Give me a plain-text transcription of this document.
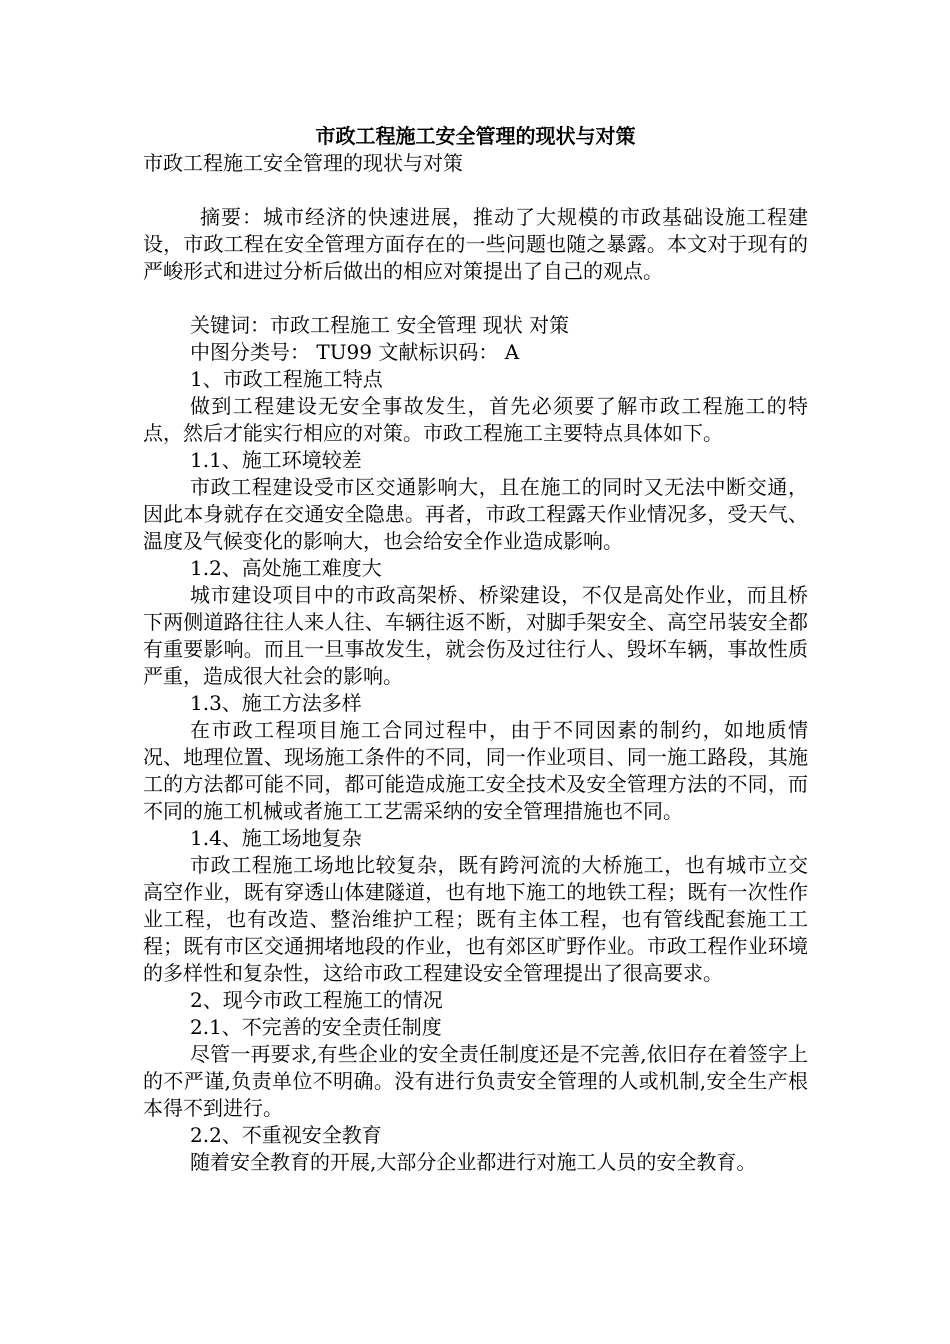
市政工程施工安全管理的现状与对策

市政工程施工安全管理的现状与对策

摘要：城市经济的快速进展，推动了大规模的市政基础设施工程建设，市政工程在安全管理方面存在的一些问题也随之暴露。本文对于现有的严峻形式和进过分析后做出的相应对策提出了自己的观点。

关键词：市政工程施工 安全管理 现状 对策

中图分类号： TU99 文献标识码： A

1、市政工程施工特点

做到工程建设无安全事故发生，首先必须要了解市政工程施工的特点，然后才能实行相应的对策。市政工程施工主要特点具体如下。

1.1、施工环境较差

市政工程建设受市区交通影响大，且在施工的同时又无法中断交通，因此本身就存在交通安全隐患。再者，市政工程露天作业情况多，受天气、温度及气候变化的影响大，也会给安全作业造成影响。

1.2、高处施工难度大

城市建设项目中的市政高架桥、桥梁建设，不仅是高处作业，而且桥下两侧道路往往人来人往、车辆往返不断，对脚手架安全、高空吊装安全都有重要影响。而且一旦事故发生，就会伤及过往行人、毁坏车辆，事故性质严重，造成很大社会的影响。

1.3、施工方法多样

在市政工程项目施工合同过程中，由于不同因素的制约，如地质情况、地理位置、现场施工条件的不同，同一作业项目、同一施工路段，其施工的方法都可能不同，都可能造成施工安全技术及安全管理方法的不同，而不同的施工机械或者施工工艺需采纳的安全管理措施也不同。

1.4、施工场地复杂

市政工程施工场地比较复杂，既有跨河流的大桥施工，也有城市立交高空作业，既有穿透山体建隧道，也有地下施工的地铁工程；既有一次性作业工程，也有改造、整治维护工程；既有主体工程，也有管线配套施工工程；既有市区交通拥堵地段的作业，也有郊区旷野作业。市政工程作业环境的多样性和复杂性，这给市政工程建设安全管理提出了很高要求。

2、现今市政工程施工的情况

2.1、不完善的安全责任制度

尽管一再要求,有些企业的安全责任制度还是不完善,依旧存在着签字上的不严谨,负责单位不明确。没有进行负责安全管理的人或机制,安全生产根本得不到进行。

2.2、不重视安全教育

随着安全教育的开展,大部分企业都进行对施工人员的安全教育。
